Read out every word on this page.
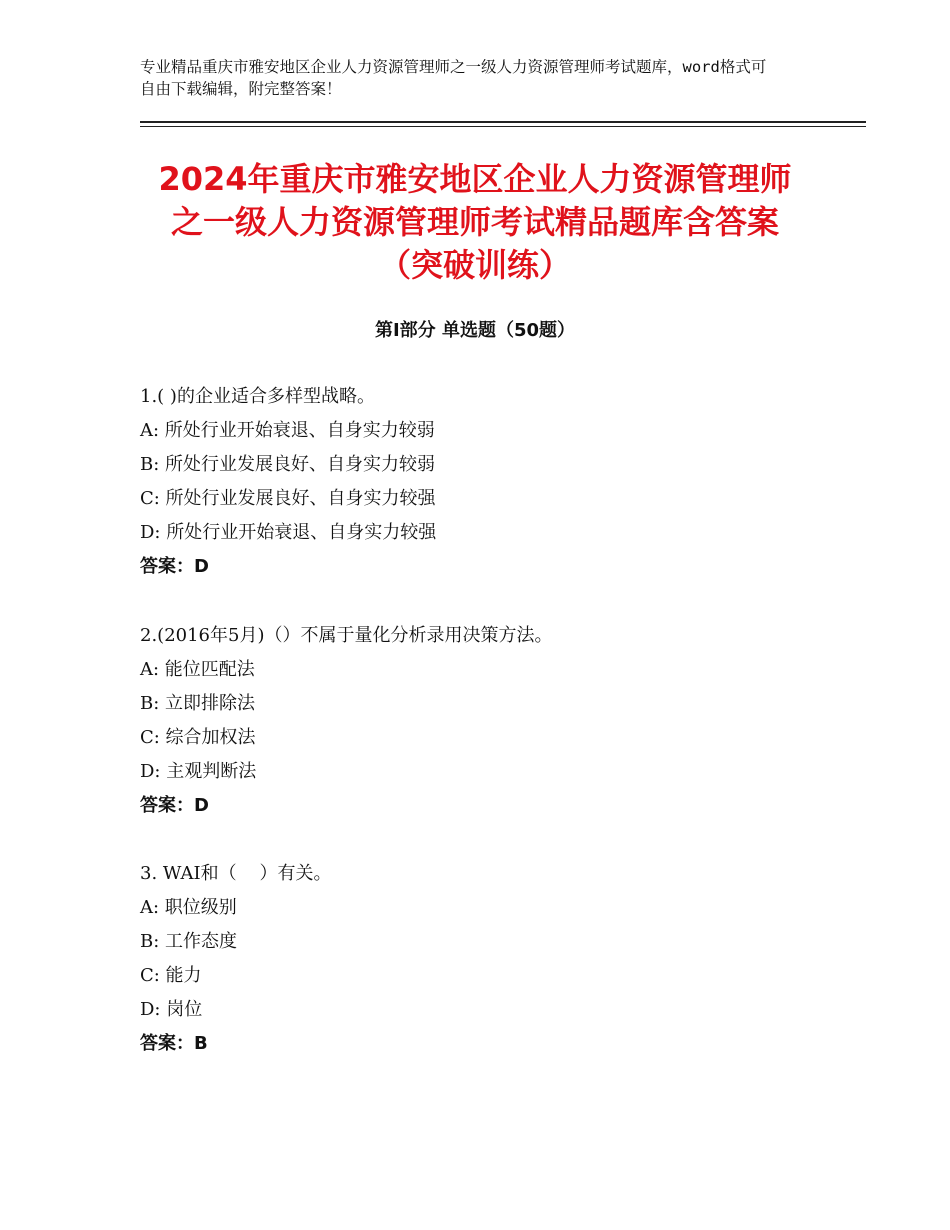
专业精品重庆市雅安地区企业人力资源管理师之一级人力资源管理师考试题库，word格式可自由下载编辑，附完整答案！
2024年重庆市雅安地区企业人力资源管理师
之一级人力资源管理师考试精品题库含答案
（突破训练）
第Ⅰ部分 单选题（50题）
1.( )的企业适合多样型战略。
A: 所处行业开始衰退、自身实力较弱
B: 所处行业发展良好、自身实力较弱
C: 所处行业发展良好、自身实力较强
D: 所处行业开始衰退、自身实力较强
答案：D
2.(2016年5月)（）不属于量化分析录用决策方法。
A: 能位匹配法
B: 立即排除法
C: 综合加权法
D: 主观判断法
答案：D
3. WAI和（    ）有关。
A: 职位级别
B: 工作态度
C: 能力
D: 岗位
答案：B
